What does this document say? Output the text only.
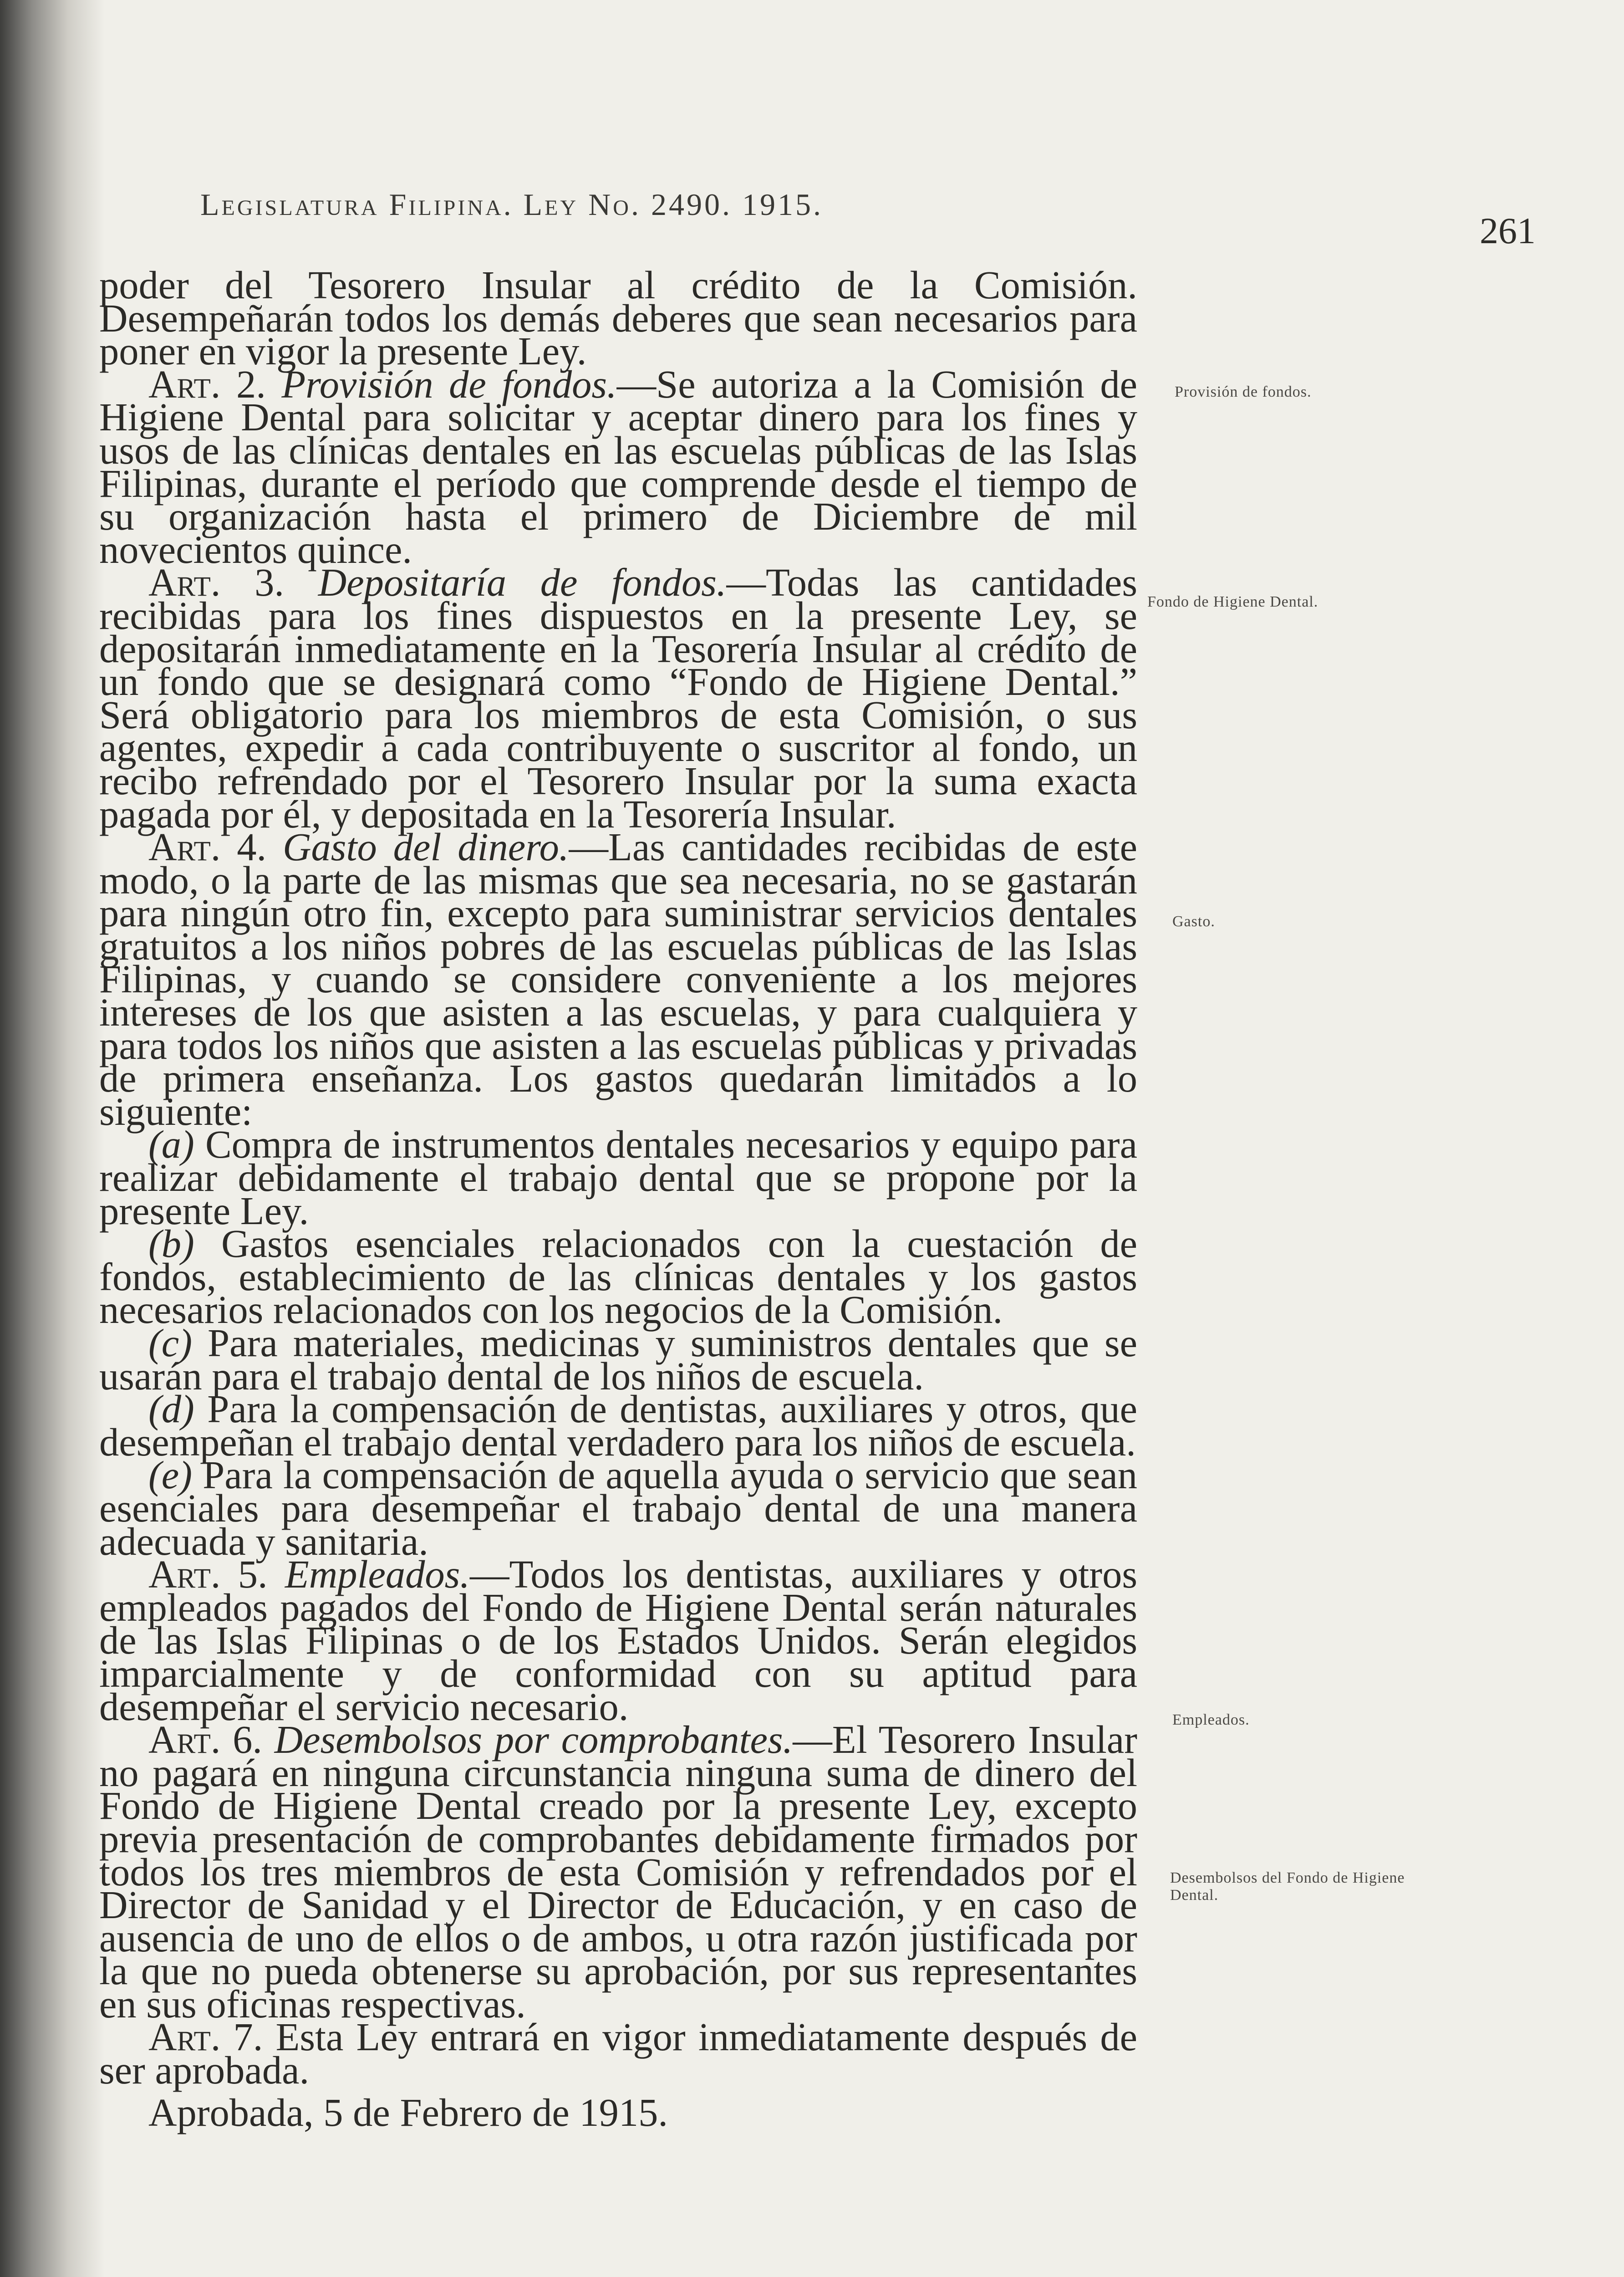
Legislatura Filipina. Ley No. 2490. 1915.
261

poder del Tesorero Insular al crédito de la Comisión. Desempeñarán todos los demás deberes que sean necesarios para poner en vigor la presente Ley.

Art. 2. Provisión de fondos.—Se autoriza a la Comisión de Higiene Dental para solicitar y aceptar dinero para los fines y usos de las clínicas dentales en las escuelas públicas de las Islas Filipinas, durante el período que comprende desde el tiempo de su organización hasta el primero de Diciembre de mil novecientos quince.

Art. 3. Depositaría de fondos.—Todas las cantidades recibidas para los fines dispuestos en la presente Ley, se depositarán inmediatamente en la Tesorería Insular al crédito de un fondo que se designará como “Fondo de Higiene Dental.” Será obligatorio para los miembros de esta Comisión, o sus agentes, expedir a cada contribuyente o suscritor al fondo, un recibo refrendado por el Tesorero Insular por la suma exacta pagada por él, y depositada en la Tesorería Insular.

Art. 4. Gasto del dinero.—Las cantidades recibidas de este modo, o la parte de las mismas que sea necesaria, no se gastarán para ningún otro fin, excepto para suministrar servicios dentales gratuitos a los niños pobres de las escuelas públicas de las Islas Filipinas, y cuando se considere conveniente a los mejores intereses de los que asisten a las escuelas, y para cualquiera y para todos los niños que asisten a las escuelas públicas y privadas de primera enseñanza. Los gastos quedarán limitados a lo siguiente:

(a) Compra de instrumentos dentales necesarios y equipo para realizar debidamente el trabajo dental que se propone por la presente Ley.

(b) Gastos esenciales relacionados con la cuestación de fondos, establecimiento de las clínicas dentales y los gastos necesarios relacionados con los negocios de la Comisión.

(c) Para materiales, medicinas y suministros dentales que se usarán para el trabajo dental de los niños de escuela.

(d) Para la compensación de dentistas, auxiliares y otros, que desempeñan el trabajo dental verdadero para los niños de escuela.

(e) Para la compensación de aquella ayuda o servicio que sean esenciales para desempeñar el trabajo dental de una manera adecuada y sanitaria.

Art. 5. Empleados.—Todos los dentistas, auxiliares y otros empleados pagados del Fondo de Higiene Dental serán naturales de las Islas Filipinas o de los Estados Unidos. Serán elegidos imparcialmente y de conformidad con su aptitud para desempeñar el servicio necesario.

Art. 6. Desembolsos por comprobantes.—El Tesorero Insular no pagará en ninguna circunstancia ninguna suma de dinero del Fondo de Higiene Dental creado por la presente Ley, excepto previa presentación de comprobantes debidamente firmados por todos los tres miembros de esta Comisión y refrendados por el Director de Sanidad y el Director de Educación, y en caso de ausencia de uno de ellos o de ambos, u otra razón justificada por la que no pueda obtenerse su aprobación, por sus representantes en sus oficinas respectivas.

Art. 7. Esta Ley entrará en vigor inmediatamente después de ser aprobada.

Aprobada, 5 de Febrero de 1915.

Provisión de fondos.
Fondo de Higiene Dental.
Gasto.
Empleados.
Desembolsos del Fondo de Higiene Dental.
